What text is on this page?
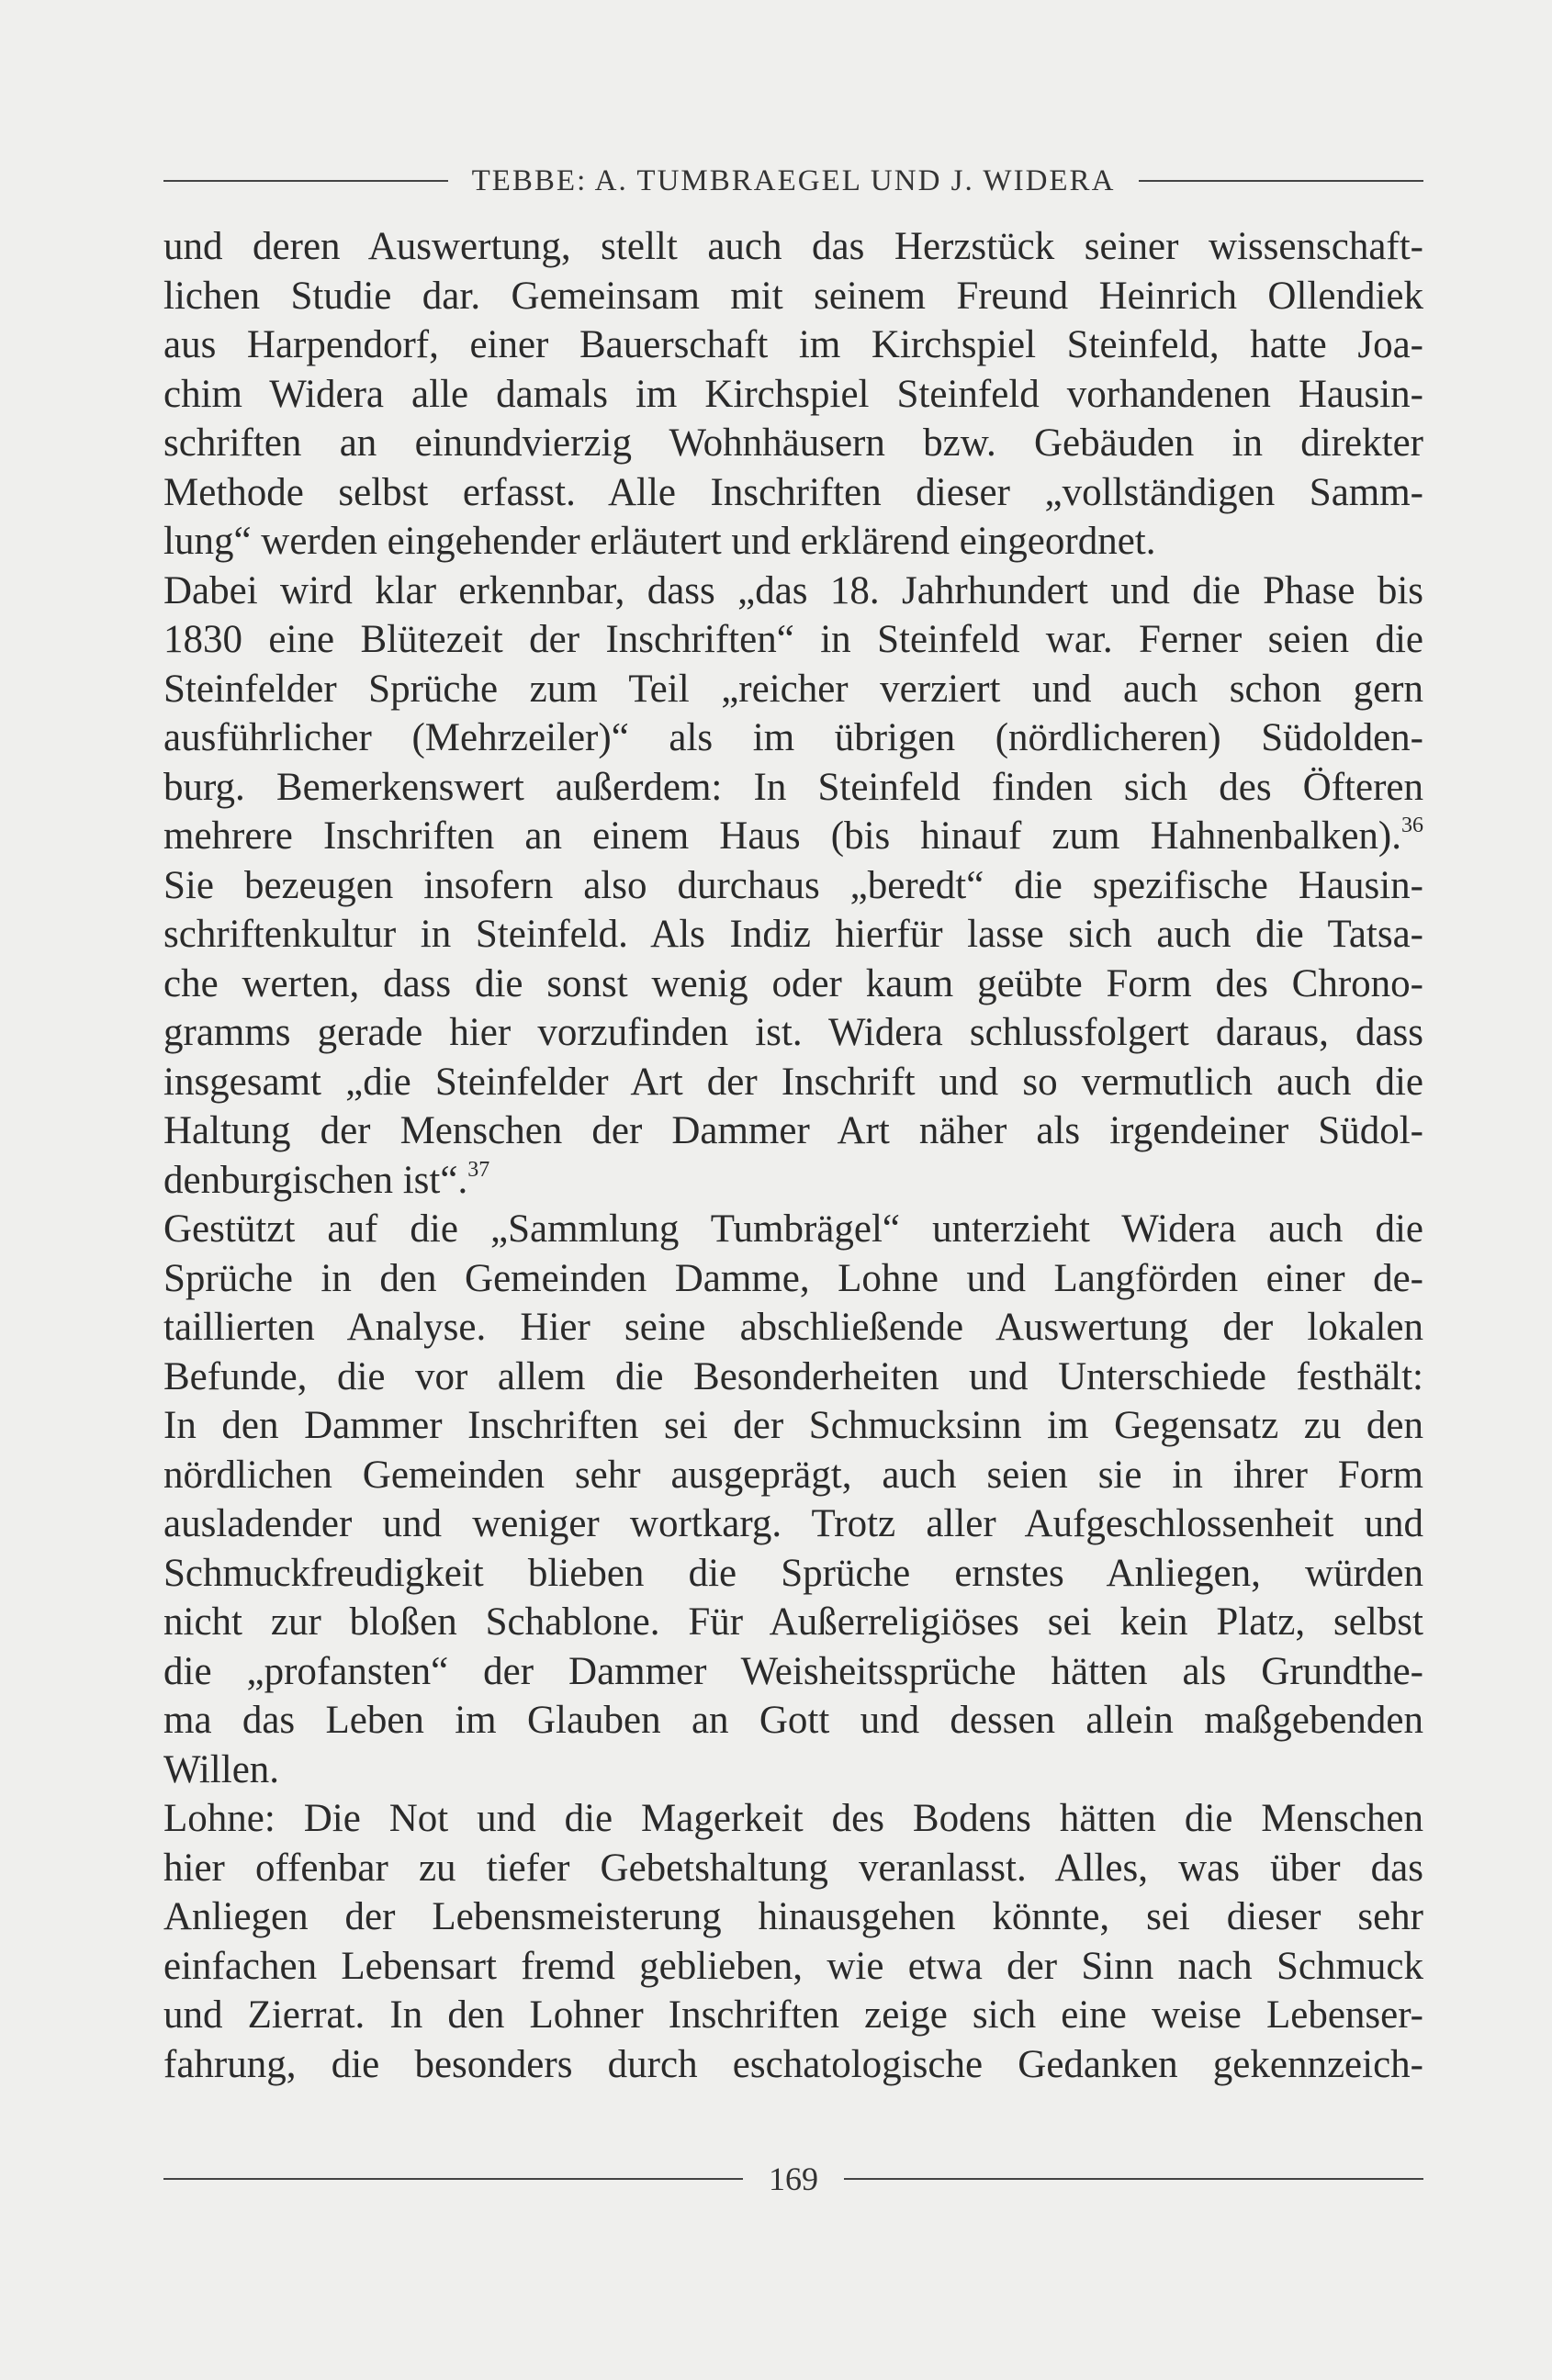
TEBBE: A. TUMBRAEGEL UND J. WIDERA
und deren Auswertung, stellt auch das Herzstück seiner wissenschaft-
lichen Studie dar. Gemeinsam mit seinem Freund Heinrich Ollendiek
aus Harpendorf, einer Bauerschaft im Kirchspiel Steinfeld, hatte Joa-
chim Widera alle damals im Kirchspiel Steinfeld vorhandenen Hausin-
schriften an einundvierzig Wohnhäusern bzw. Gebäuden in direkter
Methode selbst erfasst. Alle Inschriften dieser „vollständigen Samm-
lung“ werden eingehender erläutert und erklärend eingeordnet.
Dabei wird klar erkennbar, dass „das 18. Jahrhundert und die Phase bis
1830 eine Blütezeit der Inschriften“ in Steinfeld war. Ferner seien die
Steinfelder Sprüche zum Teil „reicher verziert und auch schon gern
ausführlicher (Mehrzeiler)“ als im übrigen (nördlicheren) Südolden-
burg. Bemerkenswert außerdem: In Steinfeld finden sich des Öfteren
mehrere Inschriften an einem Haus (bis hinauf zum Hahnenbalken).$^{36}$
Sie bezeugen insofern also durchaus „beredt“ die spezifische Hausin-
schriftenkultur in Steinfeld. Als Indiz hierfür lasse sich auch die Tatsa-
che werten, dass die sonst wenig oder kaum geübte Form des Chrono-
gramms gerade hier vorzufinden ist. Widera schlussfolgert daraus, dass
insgesamt „die Steinfelder Art der Inschrift und so vermutlich auch die
Haltung der Menschen der Dammer Art näher als irgendeiner Südol-
denburgischen ist“.$^{37}$
Gestützt auf die „Sammlung Tumbrägel“ unterzieht Widera auch die
Sprüche in den Gemeinden Damme, Lohne und Langförden einer de-
taillierten Analyse. Hier seine abschließende Auswertung der lokalen
Befunde, die vor allem die Besonderheiten und Unterschiede festhält:
In den Dammer Inschriften sei der Schmucksinn im Gegensatz zu den
nördlichen Gemeinden sehr ausgeprägt, auch seien sie in ihrer Form
ausladender und weniger wortkarg. Trotz aller Aufgeschlossenheit und
Schmuckfreudigkeit blieben die Sprüche ernstes Anliegen, würden
nicht zur bloßen Schablone. Für Außerreligiöses sei kein Platz, selbst
die „profansten“ der Dammer Weisheitssprüche hätten als Grundthe-
ma das Leben im Glauben an Gott und dessen allein maßgebenden
Willen.
Lohne: Die Not und die Magerkeit des Bodens hätten die Menschen
hier offenbar zu tiefer Gebetshaltung veranlasst. Alles, was über das
Anliegen der Lebensmeisterung hinausgehen könnte, sei dieser sehr
einfachen Lebensart fremd geblieben, wie etwa der Sinn nach Schmuck
und Zierrat. In den Lohner Inschriften zeige sich eine weise Lebenser-
fahrung, die besonders durch eschatologische Gedanken gekennzeich-
169
